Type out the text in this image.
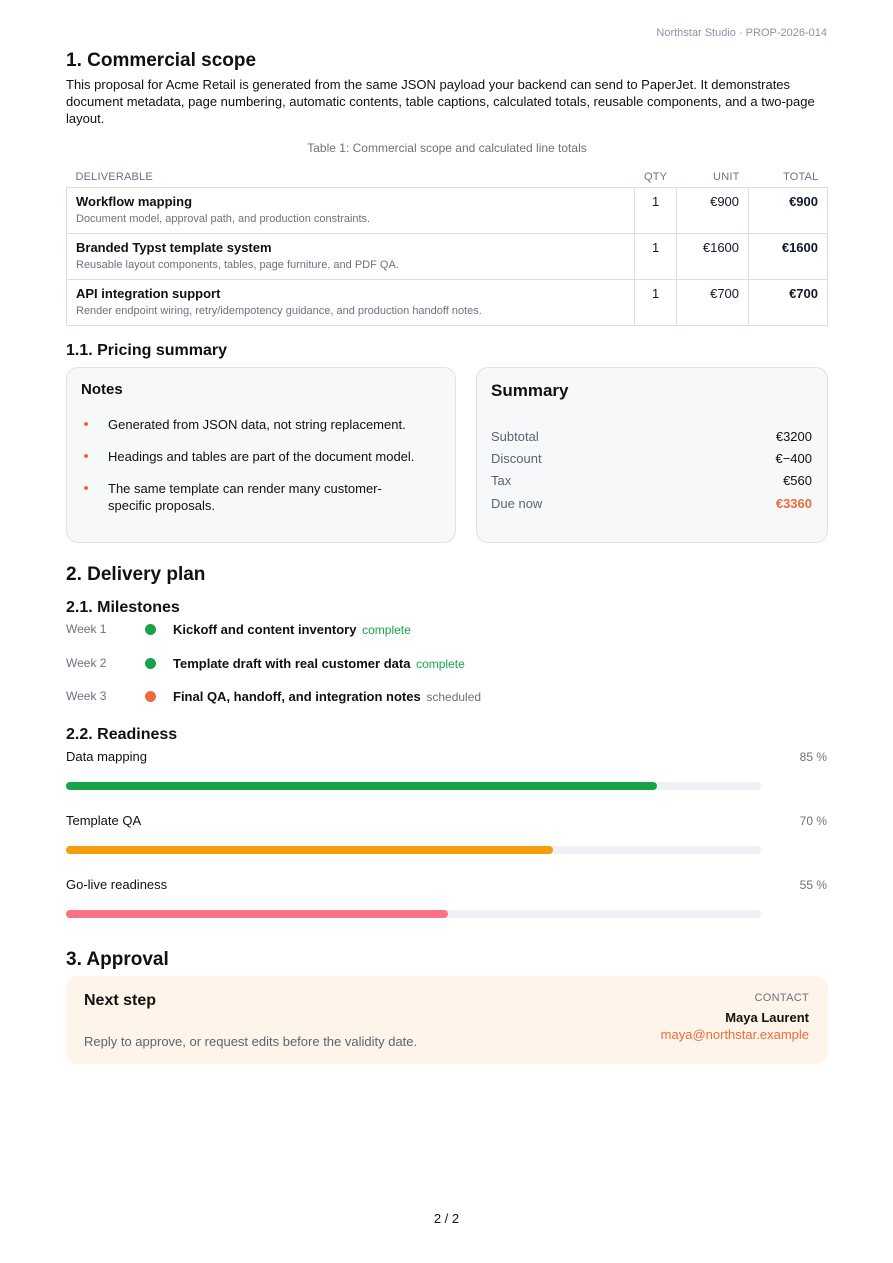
Northstar Studio · PROP-2026-014
1. Commercial scope

This proposal for Acme Retail is generated from the same JSON payload your backend can send to PaperJet. It demonstrates document metadata, page numbering, automatic contents, table captions, calculated totals, reusable components, and a two-page layout.

Table 1: Commercial scope and calculated line totals
DELIVERABLE	QTY	UNIT	TOTAL

Workflow mapping
Document model, approval path, and production constraints.	1	€900	€900

Branded Typst template system
Reusable layout components, tables, page furniture, and PDF QA.	1	€1600	€1600

API integration support
Render endpoint wiring, retry/idempotency guidance, and production handoff notes.	1	€700	€700
1.1. Pricing summary
Notes
Generated from JSON data, not string replacement.
Headings and tables are part of the document model.
The same template can render many customer-specific proposals.
Summary
Subtotal	€3200
Discount	€−400
Tax	€560
Due now	€3360
2. Delivery plan
2.1. Milestones
Week 1	Kickoff and content inventory complete
Week 2	Template draft with real customer data complete
Week 3	Final QA, handoff, and integration notes scheduled
2.2. Readiness
Data mapping	85 %
Template QA	70 %
Go-live readiness	55 %
3. Approval
Next step
Reply to approve, or request edits before the validity date.
CONTACT
Maya Laurent
maya@northstar.example
2 / 2
